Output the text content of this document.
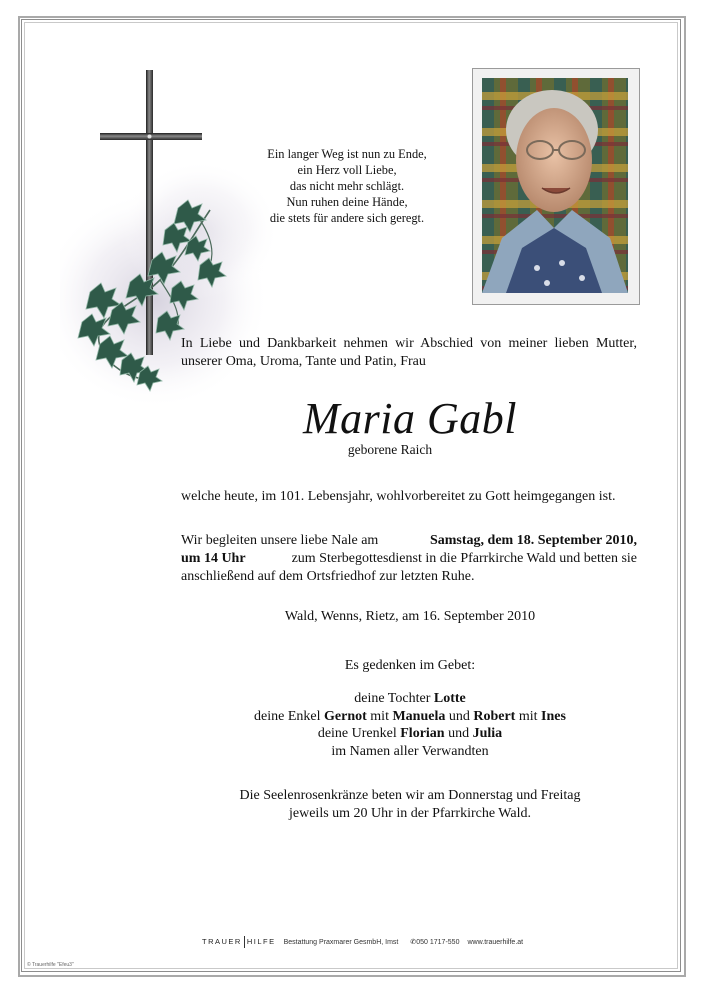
Ein langer Weg ist nun zu Ende,
ein Herz voll Liebe,
das nicht mehr schlägt.
Nun ruhen deine Hände,
die stets für andere sich geregt.
In Liebe und Dankbarkeit nehmen wir Abschied von meiner lieben Mutter,
unserer Oma, Uroma, Tante und Patin, Frau
Maria Gabl
geborene Raich
welche heute, im 101. Lebensjahr, wohlvorbereitet zu Gott heimgegangen ist.
Wir begleiten unsere liebe Nale am	Samstag, dem 18. September 2010,
um 14 Uhr	zum Sterbegottesdienst in die Pfarrkirche Wald und betten sie
anschließend auf dem Ortsfriedhof zur letzten Ruhe.
Wald, Wenns, Rietz, am 16. September 2010
Es gedenken im Gebet:
deine Tochter Lotte
deine Enkel Gernot mit Manuela und Robert mit Ines
deine Urenkel Florian und Julia
im Namen aller Verwandten
Die Seelenrosenkränze beten wir am Donnerstag und Freitag
jeweils um 20 Uhr in der Pfarrkirche Wald.
TRAUER HILFE Bestattung Praxmarer GesmbH, Imst ✆ 050 1717-550 www.trauerhilfe.at
© Trauerhilfe "Efeu3"
